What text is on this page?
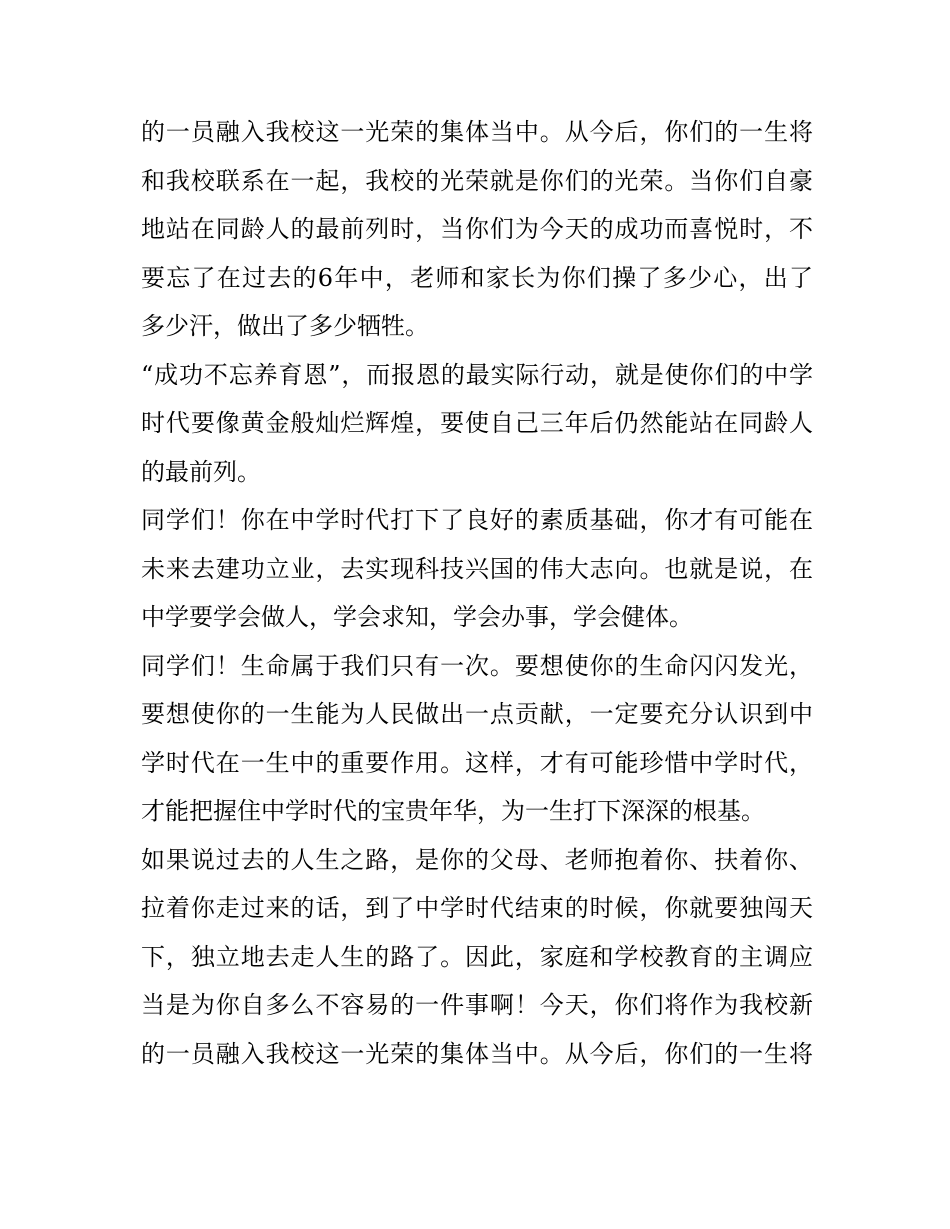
的一员融入我校这一光荣的集体当中。从今后，你们的一生将
和我校联系在一起，我校的光荣就是你们的光荣。当你们自豪
地站在同龄人的最前列时，当你们为今天的成功而喜悦时，不
要忘了在过去的6年中，老师和家长为你们操了多少心，出了
多少汗，做出了多少牺牲。
“成功不忘养育恩”，而报恩的最实际行动，就是使你们的中学
时代要像黄金般灿烂辉煌，要使自己三年后仍然能站在同龄人
的最前列。
同学们！你在中学时代打下了良好的素质基础，你才有可能在
未来去建功立业，去实现科技兴国的伟大志向。也就是说，在
中学要学会做人，学会求知，学会办事，学会健体。
同学们！生命属于我们只有一次。要想使你的生命闪闪发光，
要想使你的一生能为人民做出一点贡献，一定要充分认识到中
学时代在一生中的重要作用。这样，才有可能珍惜中学时代，
才能把握住中学时代的宝贵年华，为一生打下深深的根基。
如果说过去的人生之路，是你的父母、老师抱着你、扶着你、
拉着你走过来的话，到了中学时代结束的时候，你就要独闯天
下，独立地去走人生的路了。因此，家庭和学校教育的主调应
当是为你自多么不容易的一件事啊！今天，你们将作为我校新
的一员融入我校这一光荣的集体当中。从今后，你们的一生将
